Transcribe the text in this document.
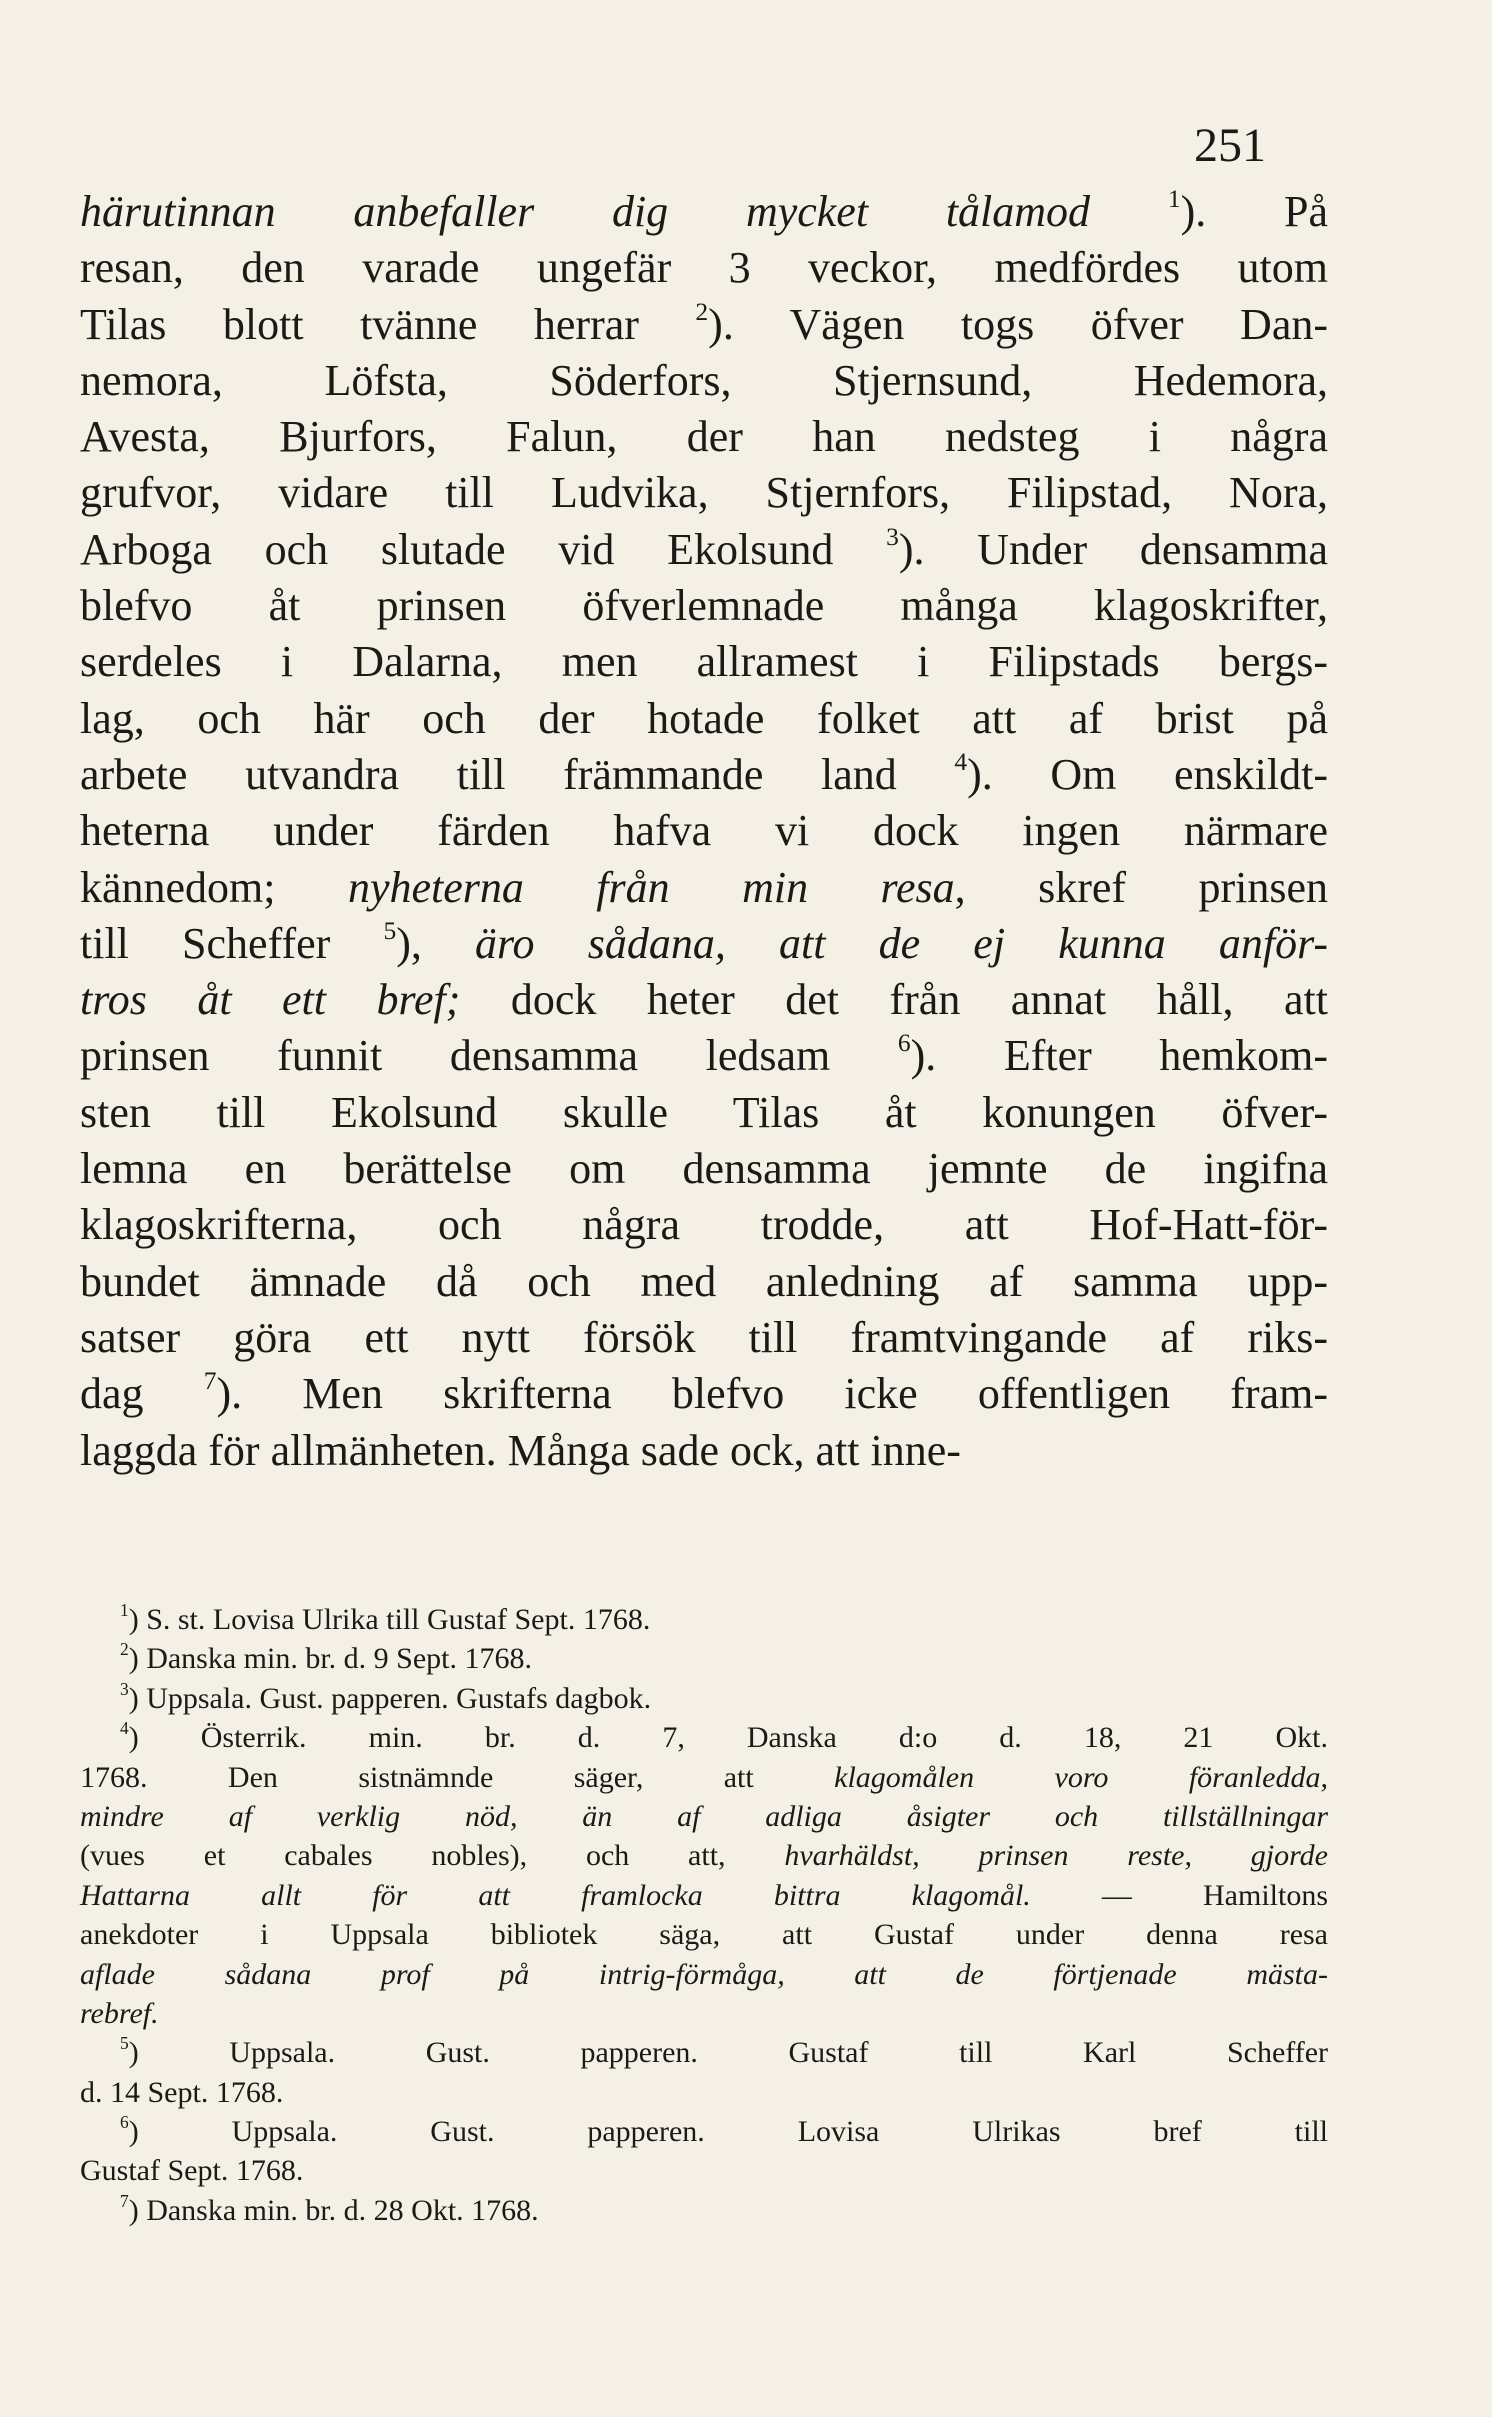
251
härutinnan anbefaller dig mycket tålamod	$^1$). På
resan, den varade ungefär 3 veckor, medfördes utom
Tilas blott tvänne herrar $^2$). Vägen togs öfver Dan-
nemora, Löfsta, Söderfors, Stjernsund, Hedemora,
Avesta, Bjurfors, Falun, der han nedsteg i några
grufvor, vidare till Ludvika, Stjernfors, Filipstad, Nora,
Arboga och slutade vid Ekolsund $^3$). Under densamma
blefvo åt prinsen öfverlemnade många klagoskrifter,
serdeles i Dalarna, men allramest i Filipstads bergs-
lag, och här och der hotade folket att af brist på
arbete utvandra till främmande land $^4$). Om enskildt-
heterna under färden hafva vi dock ingen närmare
kännedom; nyheterna från min resa, skref prinsen
till Scheffer $^5$), äro sådana, att de ej kunna anför-
tros åt ett bref; dock heter det från annat håll, att
prinsen funnit densamma ledsam $^6$). Efter hemkom-
sten till Ekolsund skulle Tilas åt konungen öfver-
lemna en berättelse om densamma jemnte de ingifna
klagoskrifterna, och några trodde, att Hof-Hatt-för-
bundet ämnade då och med anledning af samma upp-
satser göra ett nytt försök till framtvingande af riks-
dag $^7$). Men skrifterna blefvo icke offentligen fram-
laggda för allmänheten. Många sade ock, att inne-
$^1$) S. st. Lovisa Ulrika till Gustaf Sept. 1768.
$^2$) Danska min. br. d. 9 Sept. 1768.
$^3$) Uppsala. Gust. papperen. Gustafs dagbok.
$^4$) Österrik. min. br. d. 7, Danska d:o d. 18, 21 Okt.
1768. Den sistnämnde säger, att klagomålen voro föranledda,
mindre af verklig nöd, än af adliga åsigter och tillställningar
(vues et cabales nobles), och att, hvarhäldst, prinsen reste, gjorde
Hattarna allt för att framlocka bittra klagomål. — Hamiltons
anekdoter i Uppsala bibliotek säga, att Gustaf under denna resa
aflade sådana prof på intrig-förmåga, att de förtjenade mästa-
rebref.
$^5$) Uppsala. Gust. papperen. Gustaf till Karl Scheffer
d. 14 Sept. 1768.
$^6$) Uppsala. Gust. papperen. Lovisa Ulrikas bref till
Gustaf Sept. 1768.
$^7$) Danska min. br. d. 28 Okt. 1768.
